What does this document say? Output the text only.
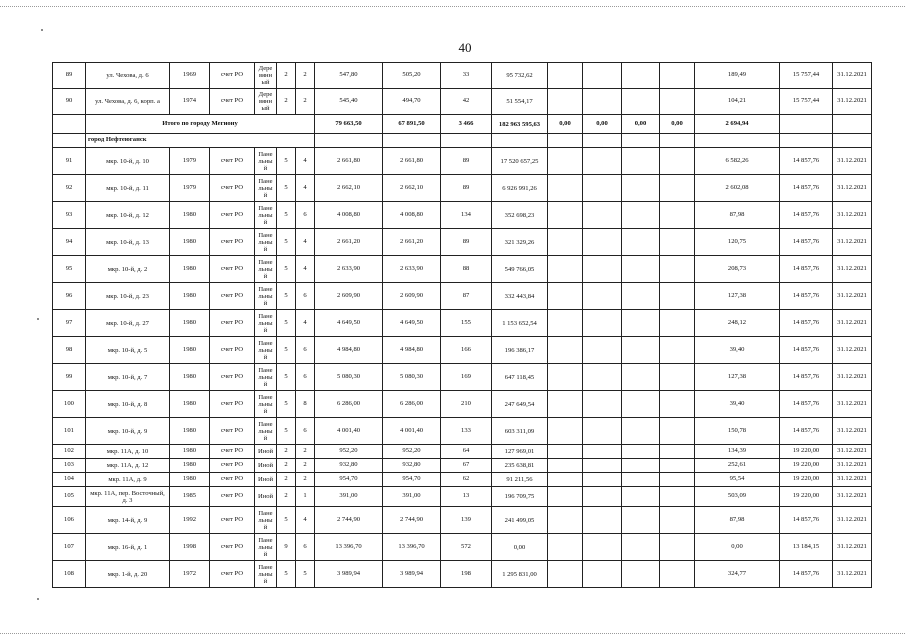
40
89	ул. Чехова, д. 6	1969	счет РО	Дере вянн ый	2	2	547,80	505,20	33	95 732,62					189,49	15 757,44	31.12.2021
90	ул. Чехова, д. 6, корп. а	1974	счет РО	Дере вянн ый	2	2	545,40	494,70	42	51 554,17					104,21	15 757,44	31.12.2021
	Итого по городу Мегиону						79 663,50	67 891,50	3 466	182 963 595,63	0,00	0,00	0,00	0,00	2 694,94		
	город Нефтеюганск																
91	мкр. 10-й, д. 10	1979	счет РО	Пане льны й	5	4	2 661,80	2 661,80	89	17 520 657,25					6 582,26	14 857,76	31.12.2021
92	мкр. 10-й, д. 11	1979	счет РО	Пане льны й	5	4	2 662,10	2 662,10	89	6 926 991,26					2 602,08	14 857,76	31.12.2021
93	мкр. 10-й, д. 12	1980	счет РО	Пане льны й	5	6	4 008,80	4 008,80	134	352 698,23					87,98	14 857,76	31.12.2021
94	мкр. 10-й, д. 13	1980	счет РО	Пане льны й	5	4	2 661,20	2 661,20	89	321 329,26					120,75	14 857,76	31.12.2021
95	мкр. 10-й, д. 2	1980	счет РО	Пане льны й	5	4	2 633,90	2 633,90	88	549 766,05					208,73	14 857,76	31.12.2021
96	мкр. 10-й, д. 23	1980	счет РО	Пане льны й	5	6	2 609,90	2 609,90	87	332 443,84					127,38	14 857,76	31.12.2021
97	мкр. 10-й, д. 27	1980	счет РО	Пане льны й	5	4	4 649,50	4 649,50	155	1 153 652,54					248,12	14 857,76	31.12.2021
98	мкр. 10-й, д. 5	1980	счет РО	Пане льны й	5	6	4 984,80	4 984,80	166	196 386,17					39,40	14 857,76	31.12.2021
99	мкр. 10-й, д. 7	1980	счет РО	Пане льны й	5	6	5 080,30	5 080,30	169	647 118,45					127,38	14 857,76	31.12.2021
100	мкр. 10-й, д. 8	1980	счет РО	Пане льны й	5	8	6 286,00	6 286,00	210	247 649,54					39,40	14 857,76	31.12.2021
101	мкр. 10-й, д. 9	1980	счет РО	Пане льны й	5	6	4 001,40	4 001,40	133	603 311,09					150,78	14 857,76	31.12.2021
102	мкр. 11А, д. 10	1980	счет РО	Иной	2	2	952,20	952,20	64	127 969,01					134,39	19 220,00	31.12.2021
103	мкр. 11А, д. 12	1980	счет РО	Иной	2	2	932,80	932,80	67	235 638,81					252,61	19 220,00	31.12.2021
104	мкр. 11А, д. 9	1980	счет РО	Иной	2	2	954,70	954,70	62	91 211,56					95,54	19 220,00	31.12.2021
105	мкр. 11А, пер. Восточный, д. 3	1985	счет РО	Иной	2	1	391,00	391,00	13	196 709,75					503,09	19 220,00	31.12.2021
106	мкр. 14-й, д. 9	1992	счет РО	Пане льны й	5	4	2 744,90	2 744,90	139	241 499,05					87,98	14 857,76	31.12.2021
107	мкр. 16-й, д. 1	1998	счет РО	Пане льны й	9	6	13 396,70	13 396,70	572	0,00					0,00	13 184,15	31.12.2021
108	мкр. 1-й, д. 20	1972	счет РО	Пане льны й	5	5	3 989,94	3 989,94	198	1 295 831,00					324,77	14 857,76	31.12.2021
